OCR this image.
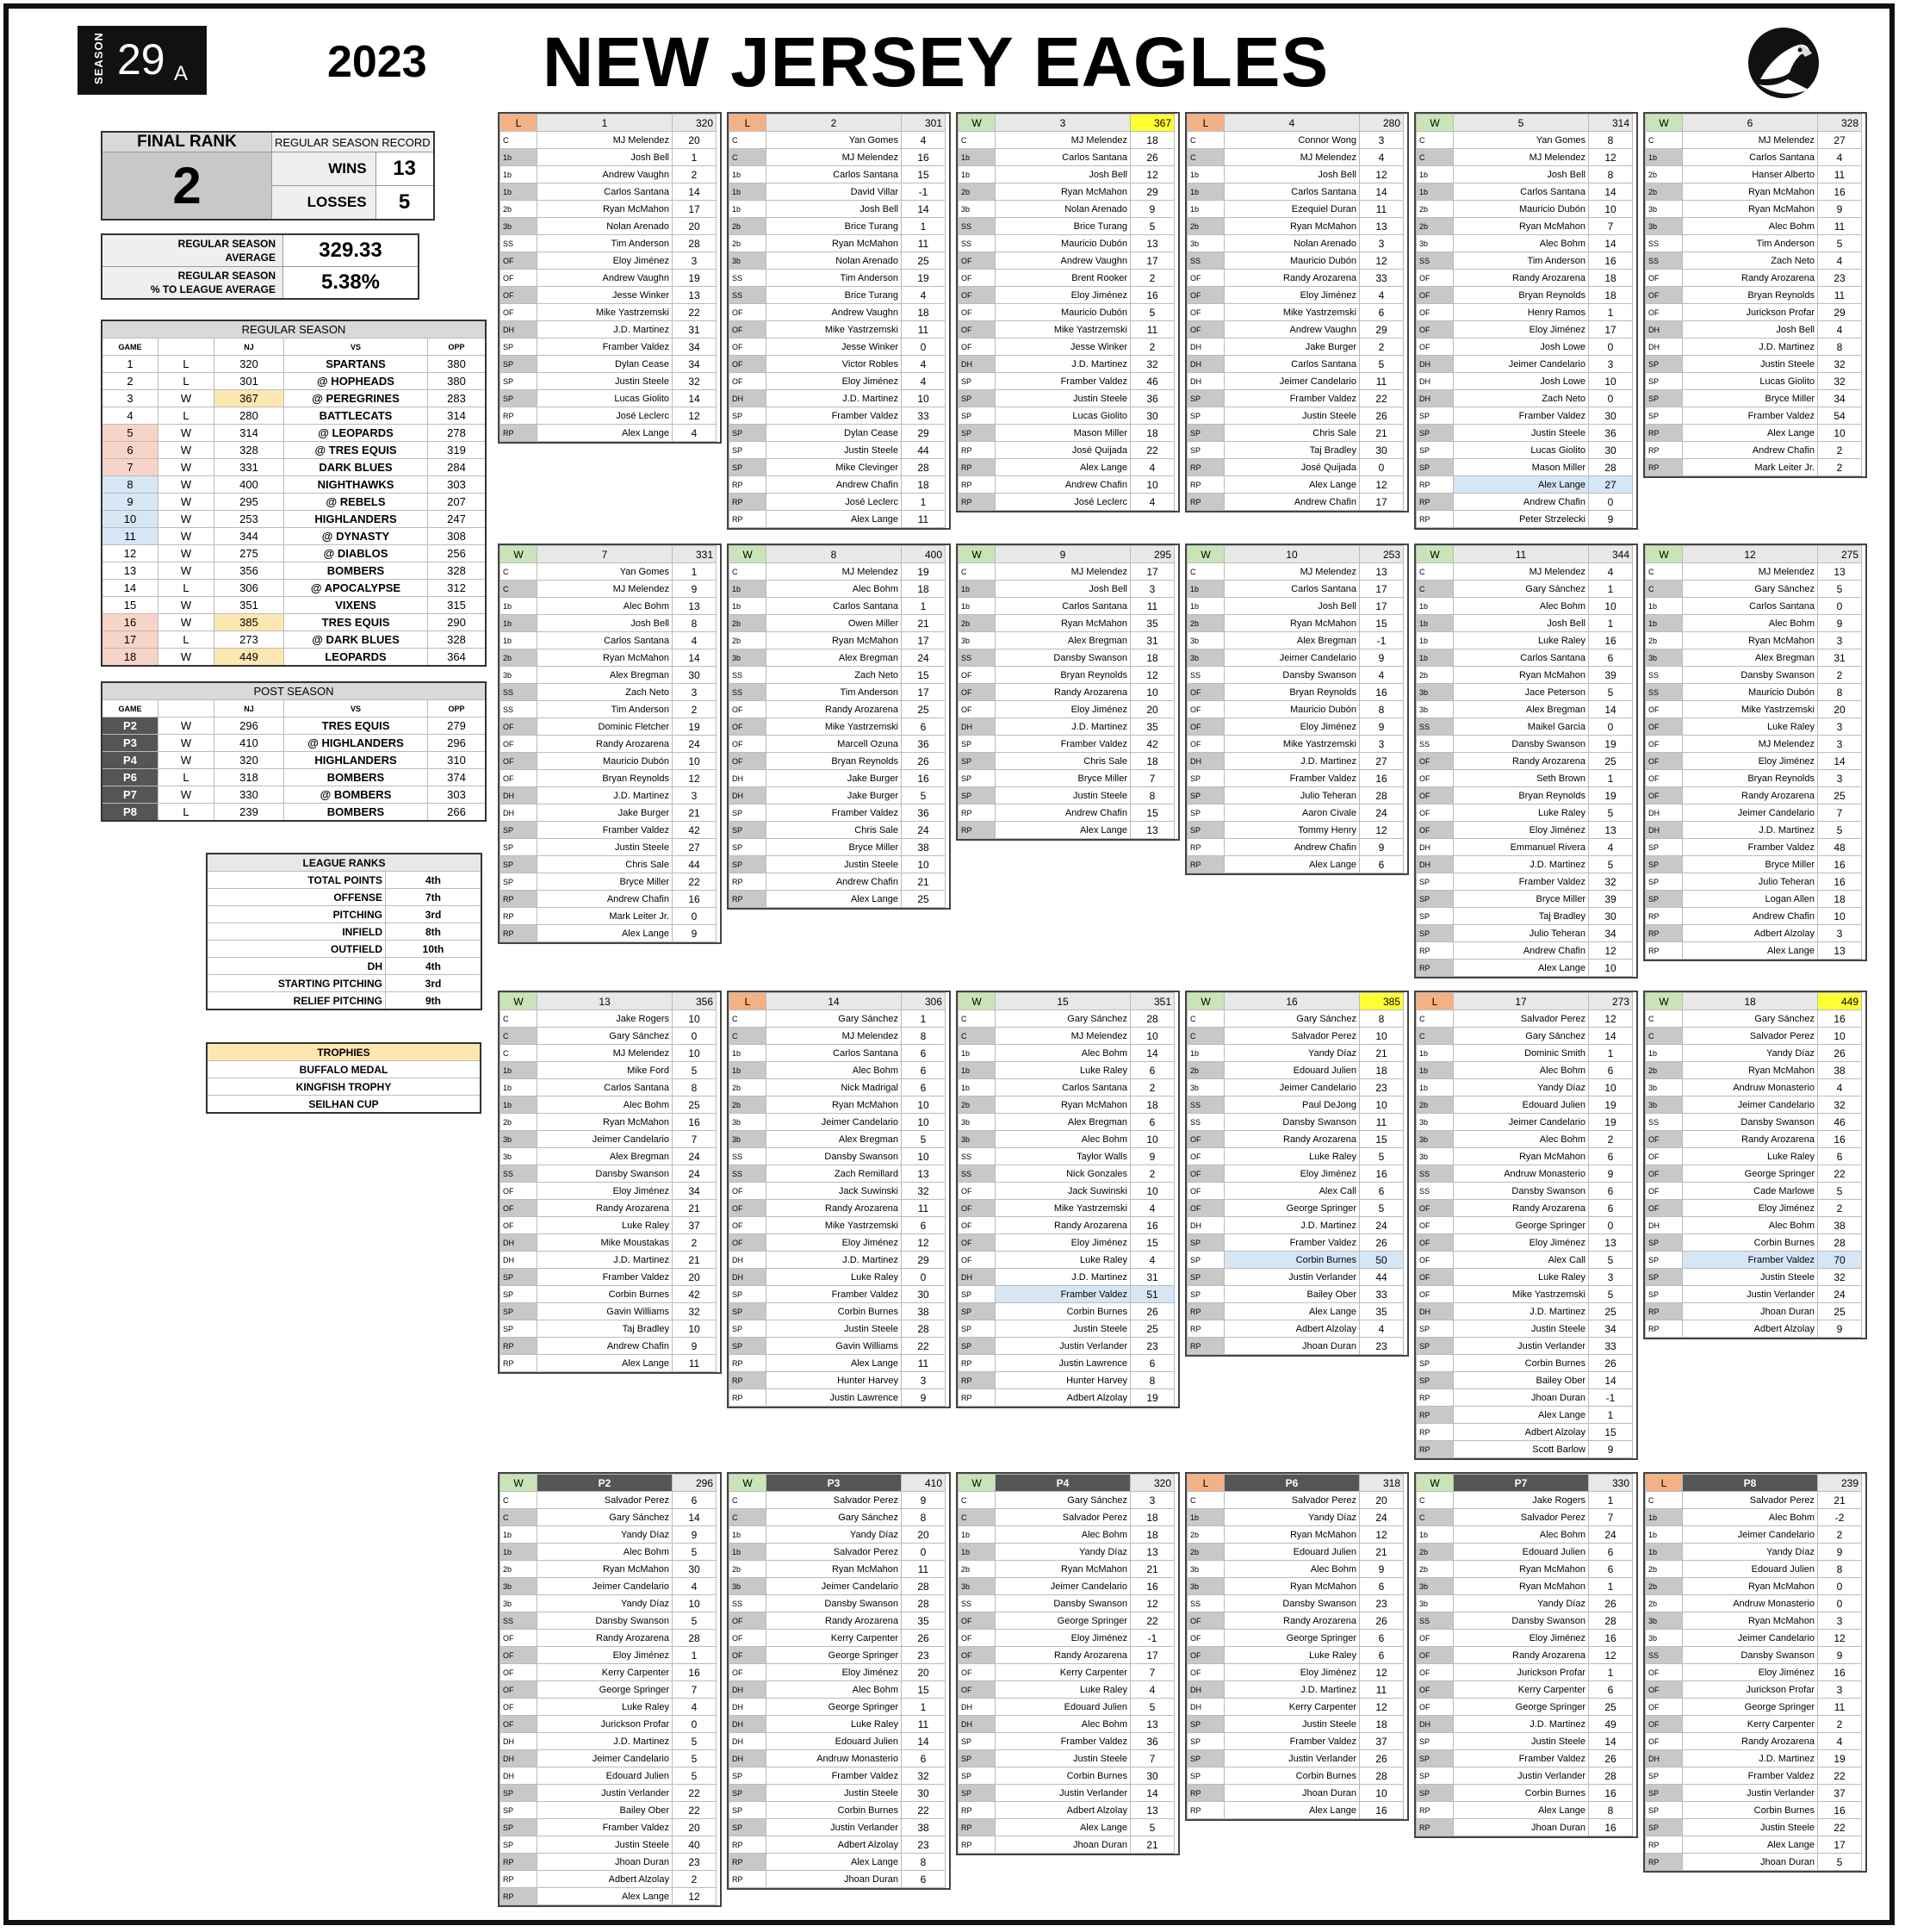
SEASON 29 A	2023 NEW JERSEY EAGLES
FINAL RANK	REGULAR SEASON RECORD	
2	WINS	13
	LOSSES	5
REGULAR SEASON
AVERAGE	329.33
REGULAR SEASON
% TO LEAGUE AVERAGE	5.38%
REGULAR SEASON				
GAME		NJ	VS	OPP
1	L	320	SPARTANS	380
2	L	301	@ HOPHEADS	380
3	W	367	@ PEREGRINES	283
4	L	280	BATTLECATS	314
5	W	314	@ LEOPARDS	278
6	W	328	@ TRES EQUIS	319
7	W	331	DARK BLUES	284
8	W	400	NIGHTHAWKS	303
9	W	295	@ REBELS	207
10	W	253	HIGHLANDERS	247
11	W	344	@ DYNASTY	308
12	W	275	@ DIABLOS	256
13	W	356	BOMBERS	328
14	L	306	@ APOCALYPSE	312
15	W	351	VIXENS	315
16	W	385	TRES EQUIS	290
17	L	273	@ DARK BLUES	328
18	W	449	LEOPARDS	364
POST SEASON				
GAME		NJ	VS	OPP
P2	W	296	TRES EQUIS	279
P3	W	410	@ HIGHLANDERS	296
P4	W	320	HIGHLANDERS	310
P6	L	318	BOMBERS	374
P7	W	330	@ BOMBERS	303
P8	L	239	BOMBERS	266
LEAGUE RANKS	
TOTAL POINTS	4th
OFFENSE	7th
PITCHING	3rd
INFIELD	8th
OUTFIELD	10th
DH	4th
STARTING PITCHING	3rd
RELIEF PITCHING	9th
TROPHIES
BUFFALO MEDAL
KINGFISH TROPHY
SEILHAN CUP
L	1	320
C	MJ Melendez	20
1b	Josh Bell	1
1b	Andrew Vaughn	2
1b	Carlos Santana	14
2b	Ryan McMahon	17
3b	Nolan Arenado	20
SS	Tim Anderson	28
OF	Eloy Jiménez	3
OF	Andrew Vaughn	19
OF	Jesse Winker	13
OF	Mike Yastrzemski	22
DH	J.D. Martinez	31
SP	Framber Valdez	34
SP	Dylan Cease	34
SP	Justin Steele	32
SP	Lucas Giolito	14
RP	José Leclerc	12
RP	Alex Lange	4
L	2	301
C	Yan Gomes	4
C	MJ Melendez	16
1b	Carlos Santana	15
1b	David Villar	-1
1b	Josh Bell	14
2b	Brice Turang	1
2b	Ryan McMahon	11
3b	Nolan Arenado	25
SS	Tim Anderson	19
SS	Brice Turang	4
OF	Andrew Vaughn	18
OF	Mike Yastrzemski	11
OF	Jesse Winker	0
OF	Victor Robles	4
OF	Eloy Jiménez	4
DH	J.D. Martinez	10
SP	Framber Valdez	33
SP	Dylan Cease	29
SP	Justin Steele	44
SP	Mike Clevinger	28
RP	Andrew Chafin	18
RP	José Leclerc	1
RP	Alex Lange	11
W	3	367
C	MJ Melendez	18
1b	Carlos Santana	26
1b	Josh Bell	12
2b	Ryan McMahon	29
3b	Nolan Arenado	9
SS	Brice Turang	5
SS	Mauricio Dubón	13
OF	Andrew Vaughn	17
OF	Brent Rooker	2
OF	Eloy Jiménez	16
OF	Mauricio Dubón	5
OF	Mike Yastrzemski	11
OF	Jesse Winker	2
DH	J.D. Martinez	32
SP	Framber Valdez	46
SP	Justin Steele	36
SP	Lucas Giolito	30
SP	Mason Miller	18
RP	José Quijada	22
RP	Alex Lange	4
RP	Andrew Chafin	10
RP	José Leclerc	4
L	4	280
C	Connor Wong	3
C	MJ Melendez	4
1b	Josh Bell	12
1b	Carlos Santana	14
1b	Ezequiel Duran	11
2b	Ryan McMahon	13
3b	Nolan Arenado	3
SS	Mauricio Dubón	12
OF	Randy Arozarena	33
OF	Eloy Jiménez	4
OF	Mike Yastrzemski	6
OF	Andrew Vaughn	29
DH	Jake Burger	2
DH	Carlos Santana	5
DH	Jeimer Candelario	11
SP	Framber Valdez	22
SP	Justin Steele	26
SP	Chris Sale	21
SP	Taj Bradley	30
RP	José Quijada	0
RP	Alex Lange	12
RP	Andrew Chafin	17
W	5	314
C	Yan Gomes	8
C	MJ Melendez	12
1b	Josh Bell	8
1b	Carlos Santana	14
2b	Mauricio Dubón	10
2b	Ryan McMahon	7
3b	Alec Bohm	14
SS	Tim Anderson	16
OF	Randy Arozarena	18
OF	Bryan Reynolds	18
OF	Henry Ramos	1
OF	Eloy Jiménez	17
OF	Josh Lowe	0
DH	Jeimer Candelario	3
DH	Josh Lowe	10
DH	Zach Neto	0
SP	Framber Valdez	30
SP	Justin Steele	36
SP	Lucas Giolito	30
SP	Mason Miller	28
RP	Alex Lange	27
RP	Andrew Chafin	0
RP	Peter Strzelecki	9
W	6	328
C	MJ Melendez	27
1b	Carlos Santana	4
2b	Hanser Alberto	11
2b	Ryan McMahon	16
3b	Ryan McMahon	9
3b	Alec Bohm	11
SS	Tim Anderson	5
SS	Zach Neto	4
OF	Randy Arozarena	23
OF	Bryan Reynolds	11
OF	Jurickson Profar	29
DH	Josh Bell	4
DH	J.D. Martinez	8
SP	Justin Steele	32
SP	Lucas Giolito	32
SP	Bryce Miller	34
SP	Framber Valdez	54
RP	Alex Lange	10
RP	Andrew Chafin	2
RP	Mark Leiter Jr.	2
W	7	331
C	Yan Gomes	1
C	MJ Melendez	9
1b	Alec Bohm	13
1b	Josh Bell	8
1b	Carlos Santana	4
2b	Ryan McMahon	14
3b	Alex Bregman	30
SS	Zach Neto	3
SS	Tim Anderson	2
OF	Dominic Fletcher	19
OF	Randy Arozarena	24
OF	Mauricio Dubón	10
OF	Bryan Reynolds	12
DH	J.D. Martinez	3
DH	Jake Burger	21
SP	Framber Valdez	42
SP	Justin Steele	27
SP	Chris Sale	44
SP	Bryce Miller	22
RP	Andrew Chafin	16
RP	Mark Leiter Jr.	0
RP	Alex Lange	9
W	8	400
C	MJ Melendez	19
1b	Alec Bohm	18
1b	Carlos Santana	1
2b	Owen Miller	21
2b	Ryan McMahon	17
3b	Alex Bregman	24
SS	Zach Neto	15
SS	Tim Anderson	17
OF	Randy Arozarena	25
OF	Mike Yastrzemski	6
OF	Marcell Ozuna	36
OF	Bryan Reynolds	26
DH	Jake Burger	16
DH	Jake Burger	5
SP	Framber Valdez	36
SP	Chris Sale	24
SP	Bryce Miller	38
SP	Justin Steele	10
RP	Andrew Chafin	21
RP	Alex Lange	25
W	9	295
C	MJ Melendez	17
1b	Josh Bell	3
1b	Carlos Santana	11
2b	Ryan McMahon	35
3b	Alex Bregman	31
SS	Dansby Swanson	18
OF	Bryan Reynolds	12
OF	Randy Arozarena	10
OF	Eloy Jiménez	20
DH	J.D. Martinez	35
SP	Framber Valdez	42
SP	Chris Sale	18
SP	Bryce Miller	7
SP	Justin Steele	8
RP	Andrew Chafin	15
RP	Alex Lange	13
W	10	253
C	MJ Melendez	13
1b	Carlos Santana	17
1b	Josh Bell	17
2b	Ryan McMahon	15
3b	Alex Bregman	-1
3b	Jeimer Candelario	9
SS	Dansby Swanson	4
OF	Bryan Reynolds	16
OF	Mauricio Dubón	8
OF	Eloy Jiménez	9
OF	Mike Yastrzemski	3
DH	J.D. Martinez	27
SP	Framber Valdez	16
SP	Julio Teheran	28
SP	Aaron Civale	24
SP	Tommy Henry	12
RP	Andrew Chafin	9
RP	Alex Lange	6
W	11	344
C	MJ Melendez	4
C	Gary Sánchez	1
1b	Alec Bohm	10
1b	Josh Bell	1
1b	Luke Raley	16
1b	Carlos Santana	6
2b	Ryan McMahon	39
3b	Jace Peterson	5
3b	Alex Bregman	14
SS	Maikel Garcia	0
SS	Dansby Swanson	19
OF	Randy Arozarena	25
OF	Seth Brown	1
OF	Bryan Reynolds	19
OF	Luke Raley	5
OF	Eloy Jiménez	13
DH	Emmanuel Rivera	4
DH	J.D. Martinez	5
SP	Framber Valdez	32
SP	Bryce Miller	39
SP	Taj Bradley	30
SP	Julio Teheran	34
RP	Andrew Chafin	12
RP	Alex Lange	10
W	12	275
C	MJ Melendez	13
C	Gary Sánchez	5
1b	Carlos Santana	0
1b	Alec Bohm	9
2b	Ryan McMahon	3
3b	Alex Bregman	31
SS	Dansby Swanson	2
SS	Mauricio Dubón	8
OF	Mike Yastrzemski	20
OF	Luke Raley	3
OF	MJ Melendez	3
OF	Eloy Jiménez	14
OF	Bryan Reynolds	3
OF	Randy Arozarena	25
DH	Jeimer Candelario	7
DH	J.D. Martinez	5
SP	Framber Valdez	48
SP	Bryce Miller	16
SP	Julio Teheran	16
SP	Logan Allen	18
RP	Andrew Chafin	10
RP	Adbert Alzolay	3
RP	Alex Lange	13
W	13	356
C	Jake Rogers	10
C	Gary Sánchez	0
C	MJ Melendez	10
1b	Mike Ford	5
1b	Carlos Santana	8
1b	Alec Bohm	25
2b	Ryan McMahon	16
3b	Jeimer Candelario	7
3b	Alex Bregman	24
SS	Dansby Swanson	24
OF	Eloy Jiménez	34
OF	Randy Arozarena	21
OF	Luke Raley	37
DH	Mike Moustakas	2
DH	J.D. Martinez	21
SP	Framber Valdez	20
SP	Corbin Burnes	42
SP	Gavin Williams	32
SP	Taj Bradley	10
RP	Andrew Chafin	9
RP	Alex Lange	11
L	14	306
C	Gary Sánchez	1
C	MJ Melendez	8
1b	Carlos Santana	6
1b	Alec Bohm	6
2b	Nick Madrigal	6
2b	Ryan McMahon	10
3b	Jeimer Candelario	10
3b	Alex Bregman	5
SS	Dansby Swanson	10
SS	Zach Remillard	13
OF	Jack Suwinski	32
OF	Randy Arozarena	11
OF	Mike Yastrzemski	6
OF	Eloy Jiménez	12
DH	J.D. Martinez	29
DH	Luke Raley	0
SP	Framber Valdez	30
SP	Corbin Burnes	38
SP	Justin Steele	28
SP	Gavin Williams	22
RP	Alex Lange	11
RP	Hunter Harvey	3
RP	Justin Lawrence	9
W	15	351
C	Gary Sánchez	28
C	MJ Melendez	10
1b	Alec Bohm	14
1b	Luke Raley	6
1b	Carlos Santana	2
2b	Ryan McMahon	18
3b	Alex Bregman	6
3b	Alec Bohm	10
SS	Taylor Walls	9
SS	Nick Gonzales	2
OF	Jack Suwinski	10
OF	Mike Yastrzemski	4
OF	Randy Arozarena	16
OF	Eloy Jiménez	15
OF	Luke Raley	4
DH	J.D. Martinez	31
SP	Framber Valdez	51
SP	Corbin Burnes	26
SP	Justin Steele	25
SP	Justin Verlander	23
RP	Justin Lawrence	6
RP	Hunter Harvey	8
RP	Adbert Alzolay	19
W	16	385
C	Gary Sánchez	8
C	Salvador Perez	10
1b	Yandy Díaz	21
2b	Edouard Julien	18
3b	Jeimer Candelario	23
SS	Paul DeJong	10
SS	Dansby Swanson	11
OF	Randy Arozarena	15
OF	Luke Raley	5
OF	Eloy Jiménez	16
OF	Alex Call	6
OF	George Springer	5
DH	J.D. Martinez	24
SP	Framber Valdez	26
SP	Corbin Burnes	50
SP	Justin Verlander	44
SP	Bailey Ober	33
RP	Alex Lange	35
RP	Adbert Alzolay	4
RP	Jhoan Duran	23
L	17	273
C	Salvador Perez	12
C	Gary Sánchez	14
1b	Dominic Smith	1
1b	Alec Bohm	6
1b	Yandy Díaz	10
2b	Edouard Julien	19
3b	Jeimer Candelario	19
3b	Alec Bohm	2
3b	Ryan McMahon	6
SS	Andruw Monasterio	9
SS	Dansby Swanson	6
OF	Randy Arozarena	6
OF	George Springer	0
OF	Eloy Jiménez	13
OF	Alex Call	5
OF	Luke Raley	3
OF	Mike Yastrzemski	5
DH	J.D. Martinez	25
SP	Justin Steele	34
SP	Justin Verlander	33
SP	Corbin Burnes	26
SP	Bailey Ober	14
RP	Jhoan Duran	-1
RP	Alex Lange	1
RP	Adbert Alzolay	15
RP	Scott Barlow	9
W	18	449
C	Gary Sánchez	16
C	Salvador Perez	10
1b	Yandy Díaz	26
2b	Ryan McMahon	38
3b	Andruw Monasterio	4
3b	Jeimer Candelario	32
SS	Dansby Swanson	46
OF	Randy Arozarena	16
OF	Luke Raley	6
OF	George Springer	22
OF	Cade Marlowe	5
OF	Eloy Jiménez	2
DH	Alec Bohm	38
SP	Corbin Burnes	28
SP	Framber Valdez	70
SP	Justin Steele	32
SP	Justin Verlander	24
RP	Jhoan Duran	25
RP	Adbert Alzolay	9
W	P2	296
C	Salvador Perez	6
C	Gary Sánchez	14
1b	Yandy Díaz	9
1b	Alec Bohm	5
2b	Ryan McMahon	30
3b	Jeimer Candelario	4
3b	Yandy Díaz	10
SS	Dansby Swanson	5
OF	Randy Arozarena	28
OF	Eloy Jiménez	1
OF	Kerry Carpenter	16
OF	George Springer	7
OF	Luke Raley	4
OF	Jurickson Profar	0
DH	J.D. Martinez	5
DH	Jeimer Candelario	5
DH	Edouard Julien	5
SP	Justin Verlander	22
SP	Bailey Ober	22
SP	Framber Valdez	20
SP	Justin Steele	40
RP	Jhoan Duran	23
RP	Adbert Alzolay	2
RP	Alex Lange	12
W	P3	410
C	Salvador Perez	9
C	Gary Sánchez	8
1b	Yandy Díaz	20
1b	Salvador Perez	0
2b	Ryan McMahon	11
3b	Jeimer Candelario	28
SS	Dansby Swanson	28
OF	Randy Arozarena	35
OF	Kerry Carpenter	26
OF	George Springer	23
OF	Eloy Jiménez	20
DH	Alec Bohm	15
DH	George Springer	1
DH	Luke Raley	11
DH	Edouard Julien	14
DH	Andruw Monasterio	6
SP	Framber Valdez	32
SP	Justin Steele	30
SP	Corbin Burnes	22
SP	Justin Verlander	38
RP	Adbert Alzolay	23
RP	Alex Lange	8
RP	Jhoan Duran	6
W	P4	320
C	Gary Sánchez	3
C	Salvador Perez	18
1b	Alec Bohm	18
1b	Yandy Díaz	13
2b	Ryan McMahon	21
3b	Jeimer Candelario	16
SS	Dansby Swanson	12
OF	George Springer	22
OF	Eloy Jiménez	-1
OF	Randy Arozarena	17
OF	Kerry Carpenter	7
OF	Luke Raley	4
DH	Edouard Julien	5
DH	Alec Bohm	13
SP	Framber Valdez	36
SP	Justin Steele	7
SP	Corbin Burnes	30
SP	Justin Verlander	14
RP	Adbert Alzolay	13
RP	Alex Lange	5
RP	Jhoan Duran	21
L	P6	318
C	Salvador Perez	20
1b	Yandy Díaz	24
2b	Ryan McMahon	12
2b	Edouard Julien	21
3b	Alec Bohm	9
3b	Ryan McMahon	6
SS	Dansby Swanson	23
OF	Randy Arozarena	26
OF	George Springer	6
OF	Luke Raley	6
OF	Eloy Jiménez	12
DH	J.D. Martinez	11
DH	Kerry Carpenter	12
SP	Justin Steele	18
SP	Framber Valdez	37
SP	Justin Verlander	26
SP	Corbin Burnes	28
RP	Jhoan Duran	10
RP	Alex Lange	16
W	P7	330
C	Jake Rogers	1
C	Salvador Perez	7
1b	Alec Bohm	24
2b	Edouard Julien	6
2b	Ryan McMahon	6
3b	Ryan McMahon	1
3b	Yandy Díaz	26
SS	Dansby Swanson	28
OF	Eloy Jiménez	16
OF	Randy Arozarena	12
OF	Jurickson Profar	1
OF	Kerry Carpenter	6
OF	George Springer	25
DH	J.D. Martinez	49
SP	Justin Steele	14
SP	Framber Valdez	26
SP	Justin Verlander	28
SP	Corbin Burnes	16
RP	Alex Lange	8
RP	Jhoan Duran	16
L	P8	239
C	Salvador Perez	21
1b	Alec Bohm	-2
1b	Jeimer Candelario	2
1b	Yandy Díaz	9
2b	Edouard Julien	8
2b	Ryan McMahon	0
2b	Andruw Monasterio	0
3b	Ryan McMahon	3
3b	Jeimer Candelario	12
SS	Dansby Swanson	9
OF	Eloy Jiménez	16
OF	Jurickson Profar	3
OF	George Springer	11
OF	Kerry Carpenter	2
OF	Randy Arozarena	4
DH	J.D. Martinez	19
SP	Framber Valdez	22
SP	Justin Verlander	37
SP	Corbin Burnes	16
SP	Justin Steele	22
RP	Alex Lange	17
RP	Jhoan Duran	5
